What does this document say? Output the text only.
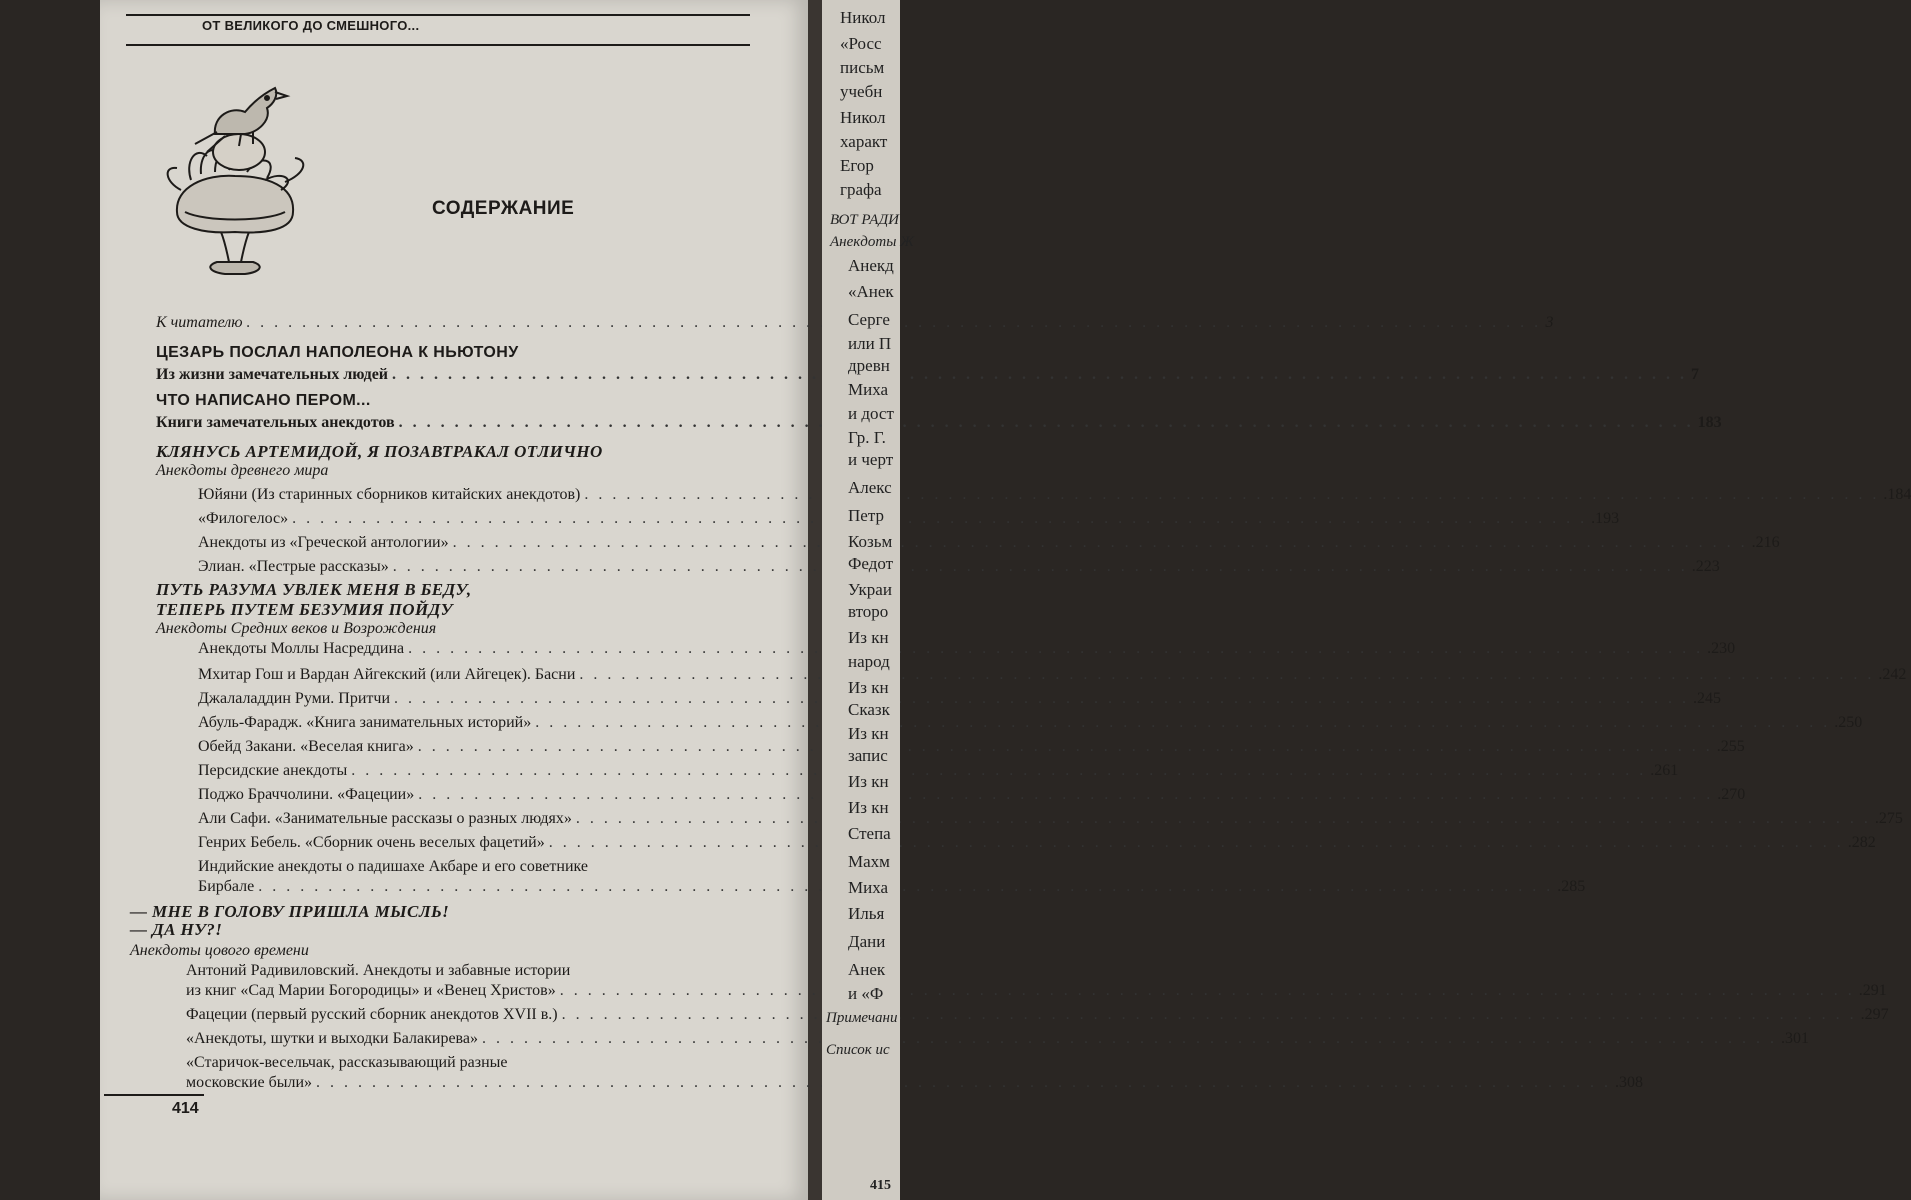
ОТ ВЕЛИКОГО ДО СМЕШНОГО...
СОДЕРЖАНИЕ
К читателю . . .	3
ЦЕЗАРЬ ПОСЛАЛ НАПОЛЕОНА К НЬЮТОНУ
Из жизни замечательных людей . . .	7
ЧТО НАПИСАНО ПЕРОМ...
Книги замечательных анекдотов . . .	183
КЛЯНУСЬ АРТЕМИДОЙ, Я ПОЗАВТРАКАЛ ОТЛИЧНО
Анекдоты древнего мира
Юйяни (Из старинных сборников китайских анекдотов) . . .	.184
«Филогелос» . . .	.193
Анекдоты из «Греческой антологии» . . .	.216
Элиан. «Пестрые рассказы» . . .	.223
ПУТЬ РАЗУМА УВЛЕК МЕНЯ В БЕДУ,
ТЕПЕРЬ ПУТЕМ БЕЗУМИЯ ПОЙДУ
Анекдоты Средних веков и Возрождения
Анекдоты Моллы Насреддина . . .	.230
Мхитар Гош и Вардан Айгекский (или Айгецек). Басни . . .	.242
Джалаладдин Руми. Притчи . . .	.245
Абуль-Фарадж. «Книга занимательных историй» . . .	.250
Обейд Закани. «Веселая книга» . . .	.255
Персидские анекдоты . . .	.261
Поджо Браччолини. «Фацеции» . . .	.270
Али Сафи. «Занимательные рассказы о разных людях» . . .	.275
Генрих Бебель. «Сборник очень веселых фацетий» . . .	.282
Индийские анекдоты о падишахе Акбаре и его советнике
Бирбале . . .	.285
— МНЕ В ГОЛОВУ ПРИШЛА МЫСЛЬ!
— ДА НУ?!
Анекдоты цового времени
Антоний Радивиловский. Анекдоты и забавные истории
из книг «Сад Марии Богородицы» и «Венец Христов» . . .	.291
Фацеции (первый русский сборник анекдотов XVII в.) . . .	.297
«Анекдоты, шутки и выходки Балакирева» . . .	.301
«Старичок-весельчак, рассказывающий разные
московские были» . . .	.308
414
Никол
«Росс
письм
учебн
Никол
характ
Егор
графа
ВОТ РАДИ
Анекдоты Ж
Анекд
«Анек
Серге
или П
древн
Миха
и дост
Гр. Г.
и черт
Алекс
Петр
Козьм
Федот
Украи
второ
Из кн
народ
Из кн
Сказк
Из кн
запис
Из кн
Из кн
Степа
Махм
Миха
Илья
Дани
Анек
и «Ф
Примечани
Список ис
415
